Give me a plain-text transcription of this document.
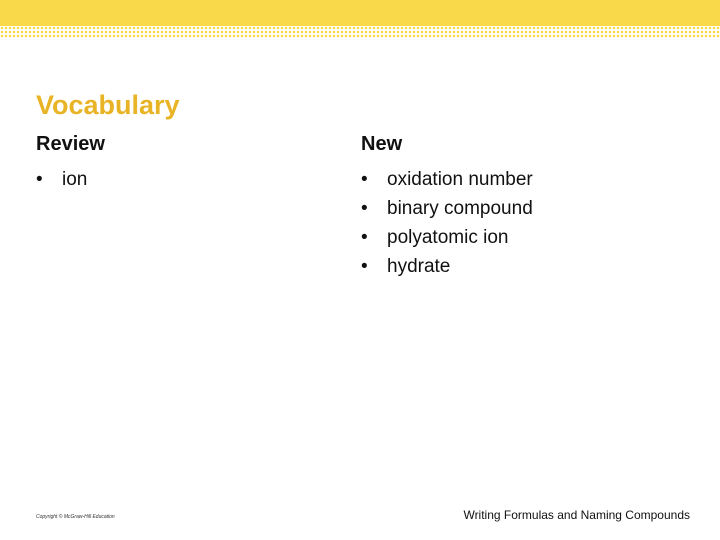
Vocabulary
Review	New
• ion	• oxidation number
• binary compound
• polyatomic ion
• hydrate
Copyright © McGraw-Hill Education	Writing Formulas and Naming Compounds
